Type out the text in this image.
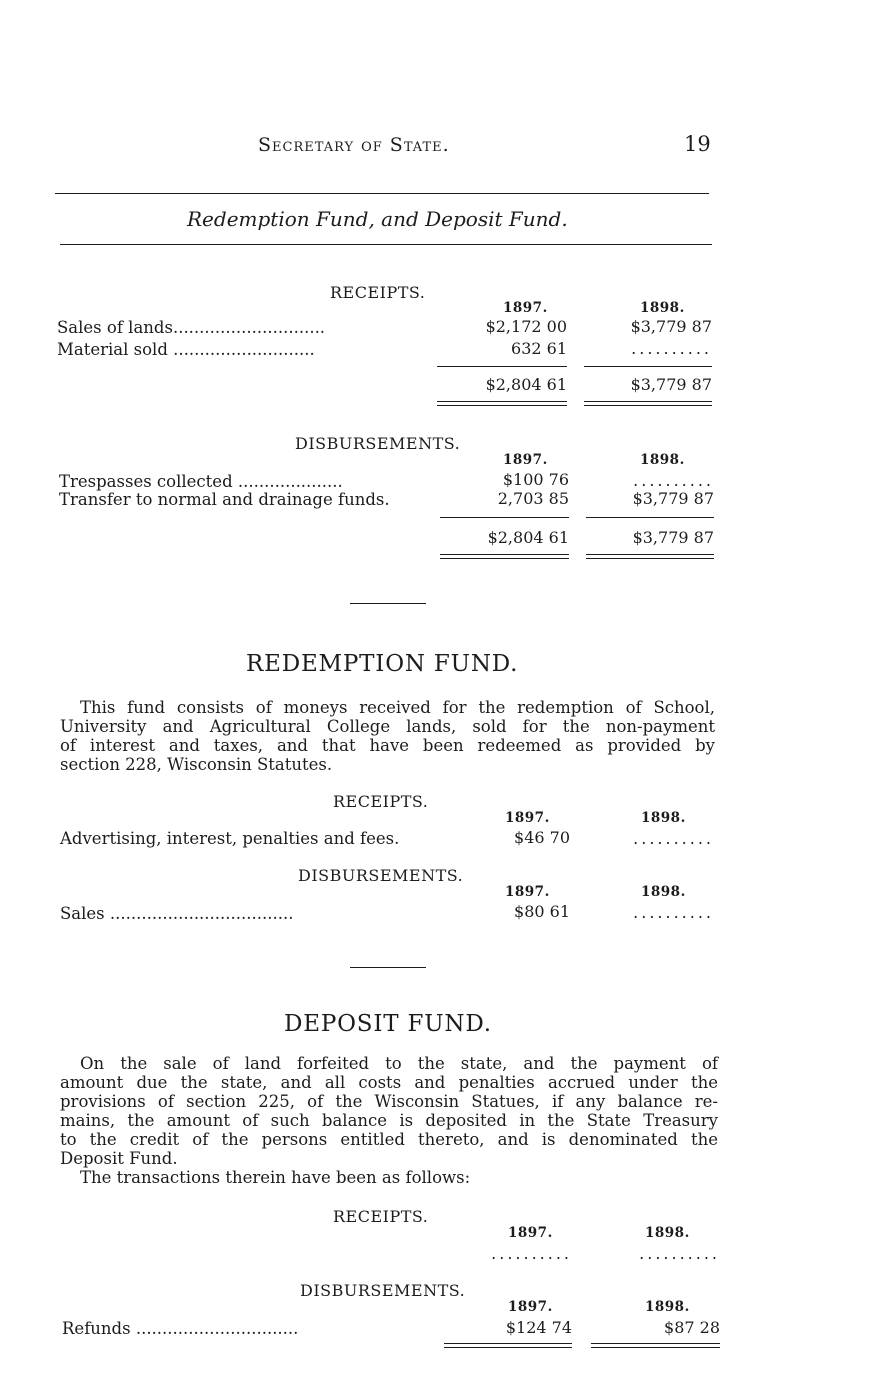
Secretary of State.	19
Redemption Fund, and Deposit Fund.
RECEIPTS.
1897.	1898.
Sales of lands.............................	$2,172 00	$3,779 87
Material sold ...........................	632 61	..........
$2,804 61	$3,779 87
DISBURSEMENTS.
1897.	1898.
Trespasses collected ....................	$100 76	..........
Transfer to normal and drainage funds.	2,703 85	$3,779 87
$2,804 61	$3,779 87
REDEMPTION FUND.

This fund consists of moneys received for the redemption of School,

University and Agricultural College lands, sold for the non-payment

of interest and taxes, and that have been redeemed as provided by

section 228, Wisconsin Statutes.

RECEIPTS.
1897.	1898.
Advertising, interest, penalties and fees.	$46 70	..........
DISBURSEMENTS.
1897.	1898.
Sales ...................................	$80 61	..........
DEPOSIT FUND.

On the sale of land forfeited to the state, and the payment of

amount due the state, and all costs and penalties accrued under the

provisions of section 225, of the Wisconsin Statues, if any balance re-

mains, the amount of such balance is deposited in the State Treasury

to the credit of the persons entitled thereto, and is denominated the

Deposit Fund.

The transactions therein have been as follows:

RECEIPTS.
1897.	1898.
..........	..........
DISBURSEMENTS.
1897.	1898.
Refunds ...............................	$124 74	$87 28
